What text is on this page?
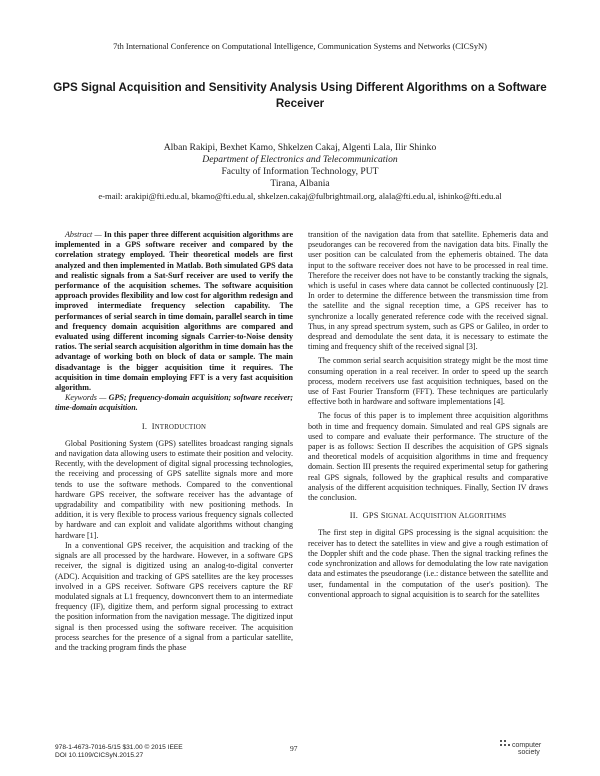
7th International Conference on Computational Intelligence, Communication Systems and Networks (CICSyN)
GPS Signal Acquisition and Sensitivity Analysis Using Different Algorithms on a Software Receiver
Alban Rakipi, Bexhet Kamo, Shkelzen Cakaj, Algenti Lala, Ilir Shinko
Department of Electronics and Telecommunication
Faculty of Information Technology, PUT
Tirana, Albania
e-mail: arakipi@fti.edu.al, bkamo@fti.edu.al, shkelzen.cakaj@fulbrightmail.org, alala@fti.edu.al, ishinko@fti.edu.al

Abstract — In this paper three different acquisition algorithms are implemented in a GPS software receiver and compared by the correlation strategy employed. Their theoretical models are first analyzed and then implemented in Matlab. Both simulated GPS data and realistic signals from a Sat-Surf receiver are used to verify the performance of the acquisition schemes. The software acquisition approach provides flexibility and low cost for algorithm redesign and improved intermediate frequency selection capability. The performances of serial search in time domain, parallel search in time and frequency domain acquisition algorithms are compared and evaluated using different incoming signals Carrier-to-Noise density ratios. The serial search acquisition algorithm in time domain has the advantage of working both on block of data or sample. The main disadvantage is the bigger acquisition time it requires. The acquisition in time domain employing FFT is a very fast acquisition algorithm.

Keywords — GPS; frequency-domain acquisition; software receiver; time-domain acquisition.

I. INTRODUCTION

Global Positioning System (GPS) satellites broadcast ranging signals and navigation data allowing users to estimate their position and velocity. Recently, with the development of digital signal processing technologies, the receiving and processing of GPS satellite signals more and more tends to use the software methods. Compared to the conventional hardware GPS receiver, the software receiver has the advantage of upgradability and compatibility with new positioning methods. In addition, it is very flexible to process various frequency signals collected by hardware and can exploit and validate algorithms without changing hardware [1].

In a conventional GPS receiver, the acquisition and tracking of the signals are all processed by the hardware. However, in a software GPS receiver, the signal is digitized using an analog-to-digital converter (ADC). Acquisition and tracking of GPS satellites are the key processes involved in a GPS receiver. Software GPS receivers capture the RF modulated signals at L1 frequency, downconvert them to an intermediate frequency (IF), digitize them, and perform signal processing to extract the position information from the navigation message. The digitized input signal is then processed using the software receiver. The acquisition process searches for the presence of a signal from a particular satellite, and the tracking program finds the phase

transition of the navigation data from that satellite. Ephemeris data and pseudoranges can be recovered from the navigation data bits. Finally the user position can be calculated from the ephemeris obtained. The data input to the software receiver does not have to be processed in real time. Therefore the receiver does not have to be constantly tracking the signals, which is useful in cases where data cannot be collected continuously [2]. In order to determine the difference between the transmission time from the satellite and the signal reception time, a GPS receiver has to synchronize a locally generated reference code with the received signal. Thus, in any spread spectrum system, such as GPS or Galileo, in order to despread and demodulate the sent data, it is necessary to estimate the timing and frequency shift of the received signal [3].

The common serial search acquisition strategy might be the most time consuming operation in a real receiver. In order to speed up the search process, modern receivers use fast acquisition techniques, based on the use of Fast Fourier Transform (FFT). These techniques are particularly effective both in hardware and software implementations [4].

The focus of this paper is to implement three acquisition algorithms both in time and frequency domain. Simulated and real GPS signals are used to compare and evaluate their performance. The structure of the paper is as follows: Section II describes the acquisition of GPS signals and theoretical models of acquisition algorithms in time and frequency domain. Section III presents the required experimental setup for gathering real GPS signals, followed by the graphical results and comparative analysis of the different acquisition techniques. Finally, Section IV draws the conclusion.

II. GPS SIGNAL ACQUISITION ALGORITHMS

The first step in digital GPS processing is the signal acquisition: the receiver has to detect the satellites in view and give a rough estimation of the Doppler shift and the code phase. Then the signal tracking refines the code synchronization and allows for demodulating the low rate navigation data and estimates the pseudorange (i.e.: distance between the satellite and user, fundamental in the computation of the user's position). The conventional approach to signal acquisition is to search for the satellites

978-1-4673-7016-5/15 $31.00 © 2015 IEEE
DOI 10.1109/CICSyN.2015.27
97	computer
society
